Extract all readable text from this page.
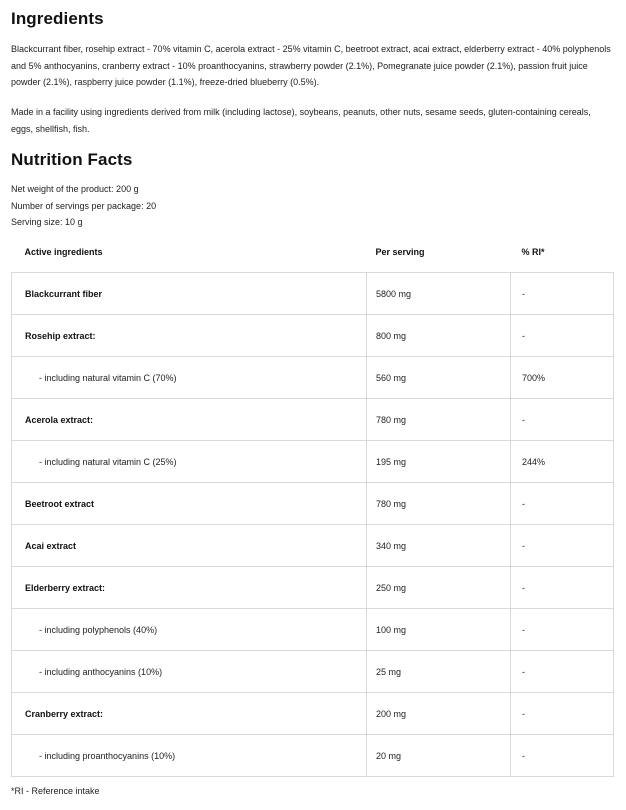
Ingredients

Blackcurrant fiber, rosehip extract - 70% vitamin C, acerola extract - 25% vitamin C, beetroot extract, acai extract, elderberry extract - 40% polyphenols and 5% anthocyanins, cranberry extract - 10% proanthocyanins, strawberry powder (2.1%), Pomegranate juice powder (2.1%), passion fruit juice powder (2.1%), raspberry juice powder (1.1%), freeze-dried blueberry (0.5%).

Made in a facility using ingredients derived from milk (including lactose), soybeans, peanuts, other nuts, sesame seeds, gluten-containing cereals, eggs, shellfish, fish.

Nutrition Facts
Net weight of the product: 200 g
Number of servings per package: 20
Serving size: 10 g
Active ingredients	Per serving	% RI*
Blackcurrant fiber	5800 mg	-
Rosehip extract:	800 mg	-
- including natural vitamin C (70%)	560 mg	700%
Acerola extract:	780 mg	-
- including natural vitamin C (25%)	195 mg	244%
Beetroot extract	780 mg	-
Acai extract	340 mg	-
Elderberry extract:	250 mg	-
- including polyphenols (40%)	100 mg	-
- including anthocyanins (10%)	25 mg	-
Cranberry extract:	200 mg	-
- including proanthocyanins (10%)	20 mg	-
*RI - Reference intake
